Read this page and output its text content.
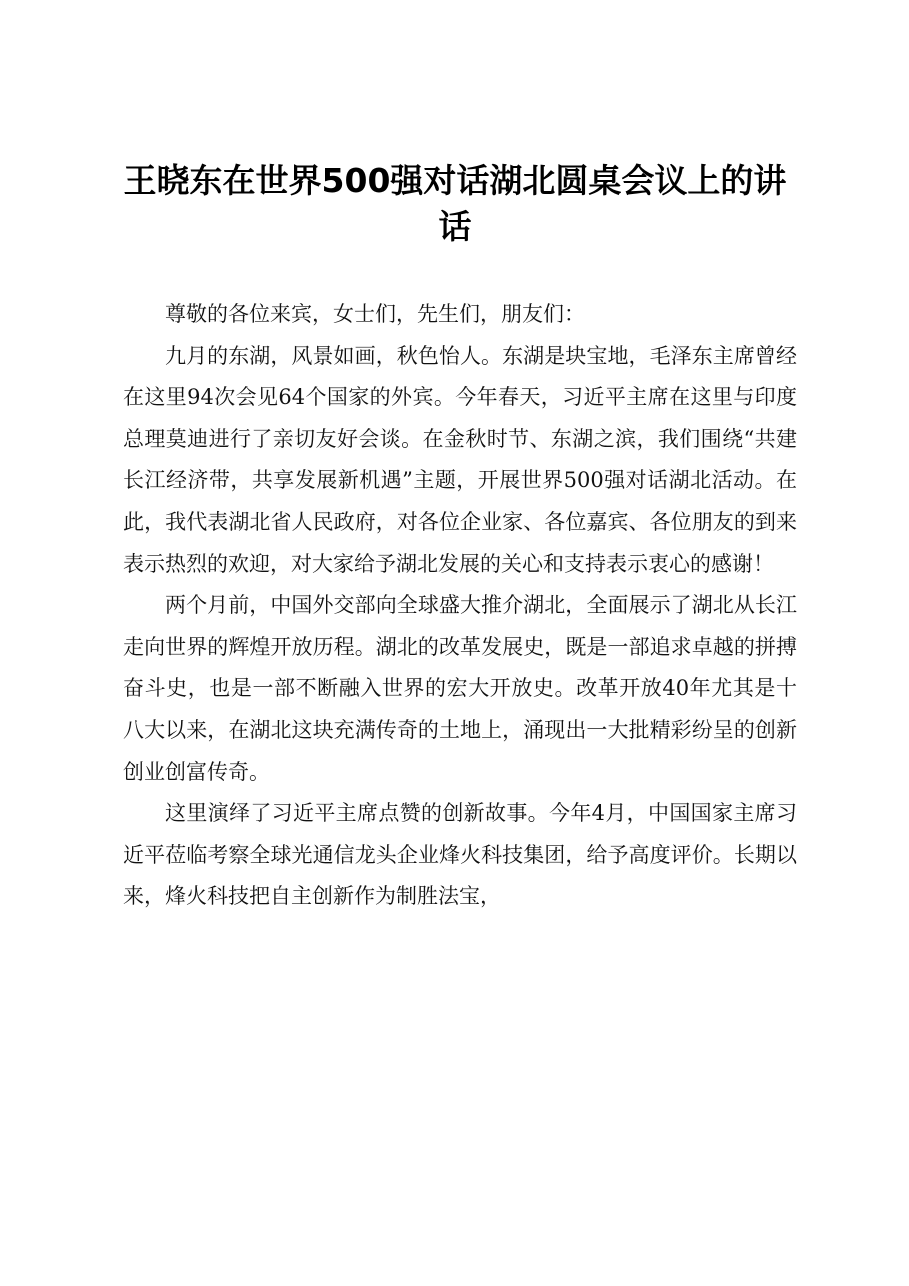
王晓东在世界500强对话湖北圆桌会议上的讲话

尊敬的各位来宾，女士们，先生们，朋友们：

九月的东湖，风景如画，秋色怡人。东湖是块宝地，毛泽东主席曾经在这里94次会见64个国家的外宾。今年春天，习近平主席在这里与印度总理莫迪进行了亲切友好会谈。在金秋时节、东湖之滨，我们围绕“共建长江经济带，共享发展新机遇”主题，开展世界500强对话湖北活动。在此，我代表湖北省人民政府，对各位企业家、各位嘉宾、各位朋友的到来表示热烈的欢迎，对大家给予湖北发展的关心和支持表示衷心的感谢！

两个月前，中国外交部向全球盛大推介湖北，全面展示了湖北从长江走向世界的辉煌开放历程。湖北的改革发展史，既是一部追求卓越的拼搏奋斗史，也是一部不断融入世界的宏大开放史。改革开放40年尤其是十八大以来，在湖北这块充满传奇的土地上，涌现出一大批精彩纷呈的创新创业创富传奇。

这里演绎了习近平主席点赞的创新故事。今年4月，中国国家主席习近平莅临考察全球光通信龙头企业烽火科技集团，给予高度评价。长期以来，烽火科技把自主创新作为制胜法宝，
